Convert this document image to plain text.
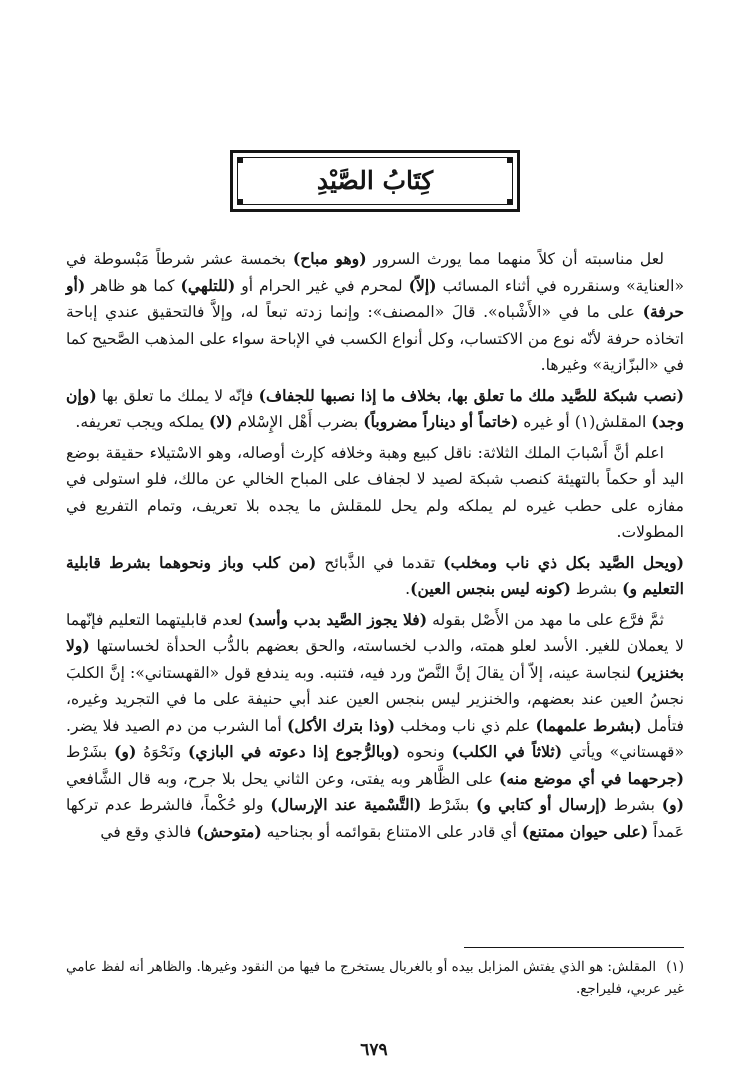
كِتَابُ الصَّيْدِ

لعل مناسبته أن كلاً منهما مما يورث السرور (وهو مباح) بخمسة عشر شرطاً مَبْسوطة في «العناية» وسنقرره في أثناء المسائب (إلاّ) لمحرم في غير الحرام أو (للتلهي) كما هو ظاهر (أو حرفة) على ما في «الأَشْباه». قالَ «المصنف»: وإنما زدته تبعاً له، وإلاَّ فالتحقيق عندي إباحة اتخاذه حرفة لأنّه نوع من الاكتساب، وكل أنواع الكسب في الإباحة سواء على المذهب الصَّحيح كما في «البزّازية» وغيرها.

(نصب شبكة للصَّيد ملك ما تعلق بها، بخلاف ما إذا نصبها للجفاف) فإنّه لا يملك ما تعلق بها (وإن وجد) المقلش(١) أو غيره (خاتماً أو ديناراً مضروباً) بضرب أَهْل الإِسْلام (لا) يملكه ويجب تعريفه.

اعلم أنَّ أَسْبابَ الملك الثلاثة: ناقل كبيع وهبة وخلافه كإرث أوصاله، وهو الاسْتيلاء حقيقة بوضع اليد أو حكماً بالتهيئة كنصب شبكة لصيد لا لجفاف على المباح الخالي عن مالك، فلو استولى في مفازه على حطب غيره لم يملكه ولم يحل للمقلش ما يجده بلا تعريف، وتمام التفريع في المطولات.

(ويحل الصَّيد بكل ذي ناب ومخلب) تقدما في الذَّبائح (من كلب وباز ونحوهما بشرط قابلية التعليم و) بشرط (كونه ليس بنجس العين).

ثمَّ فرَّع على ما مهد من الأَصْل بقوله (فلا يجوز الصَّيد بدب وأسد) لعدم قابليتهما التعليم فإنّهما لا يعملان للغير. الأسد لعلو همته، والدب لخساسته، والحق بعضهم بالدُّب الحدأة لخساستها (ولا بخنزير) لنجاسة عينه، إلاّ أن يقالَ إنَّ النَّصّ ورد فيه، فتنبه. وبه يندفع قول «القهستاني»: إنَّ الكلبَ نجسُ العين عند بعضهم، والخنزير ليس بنجس العين عند أبي حنيفة على ما في التجريد وغيره، فتأمل (بشرط علمهما) علم ذي ناب ومخلب (وذا بترك الأكل) أما الشرب من دم الصيد فلا يضر. «قهستاني» ويأتي (ثلاثاً في الكلب) ونحوه (وبالرُّجوع إذا دعوته في البازي) ونَحْوَهُ (و) بشَرْط (جرحهما في أي موضع منه) على الظَّاهر وبه يفتى، وعن الثاني يحل بلا جرح، وبه قال الشَّافعي (و) بشرط (إرسال أو كتابي و) بشَرْط (التَّسْمية عند الإرسال) ولو حُكْماً، فالشرط عدم تركها عَمداً (على حيوان ممتنع) أي قادر على الامتناع بقوائمه أو بجناحيه (متوحش) فالذي وقع في

(١)المقلش: هو الذي يفتش المزابل بيده أو بالغربال يستخرج ما فيها من النقود وغيرها. والظاهر أنه لفظ عامي غير عربي، فليراجع.
٦٧٩
